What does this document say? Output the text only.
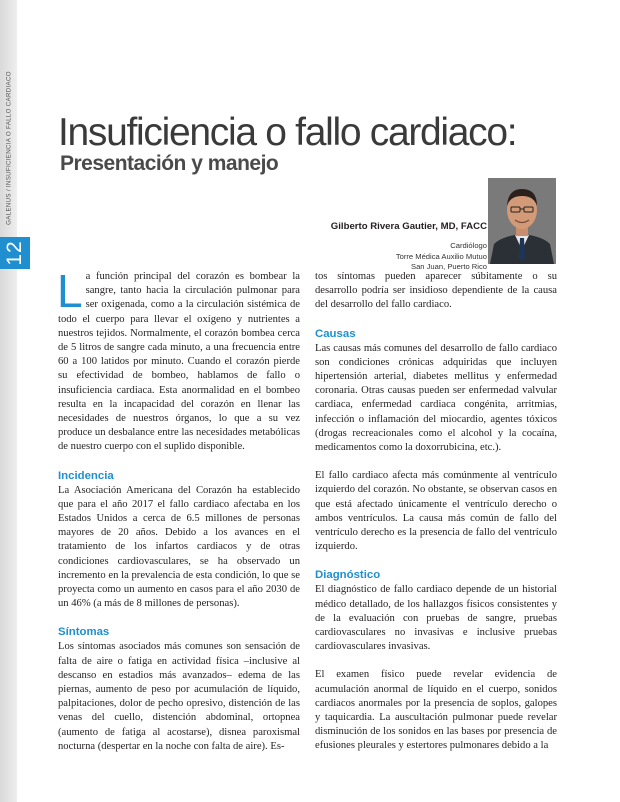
GALENUS / INSUFICIENCIA O FALLO CARDIACO
12
Insuficiencia o fallo cardiaco:
Presentación y manejo
Gilberto Rivera Gautier, MD, FACC
Cardiólogo
Torre Médica Auxilio Mutuo
San Juan, Puerto Rico

La función principal del corazón es bombear la sangre, tanto hacia la circulación pulmonar para ser oxigenada, como a la circulación sistémica de todo el cuerpo para llevar el oxígeno y nutrientes a nuestros tejidos. Normalmente, el corazón bombea cerca de 5 litros de sangre cada minuto, a una frecuencia entre 60 a 100 latidos por minuto. Cuando el corazón pierde su efectividad de bombeo, hablamos de fallo o insuficiencia cardiaca. Esta anormalidad en el bombeo resulta en la incapacidad del corazón en llenar las necesidades de nuestros órganos, lo que a su vez produce un desbalance entre las necesidades metabólicas de nuestro cuerpo con el suplido disponible.

Incidencia

La Asociación Americana del Corazón ha establecido que para el año 2017 el fallo cardiaco afectaba en los Estados Unidos a cerca de 6.5 millones de personas mayores de 20 años. Debido a los avances en el tratamiento de los infartos cardiacos y de otras condiciones cardiovasculares, se ha observado un incremento en la prevalencia de esta condición, lo que se proyecta como un aumento en casos para el año 2030 de un 46% (a más de 8 millones de personas).

Síntomas

Los síntomas asociados más comunes son sensación de falta de aire o fatiga en actividad física –inclusive al descanso en estadios más avanzados– edema de las piernas, aumento de peso por acumulación de líquido, palpitaciones, dolor de pecho opresivo, distención de las venas del cuello, distención abdominal, ortopnea (aumento de fatiga al acostarse), disnea paroxismal nocturna (despertar en la noche con falta de aire). Es-

tos síntomas pueden aparecer súbitamente o su desarrollo podría ser insidioso dependiente de la causa del desarrollo del fallo cardiaco.

Causas

Las causas más comunes del desarrollo de fallo cardiaco son condiciones crónicas adquiridas que incluyen hipertensión arterial, diabetes mellitus y enfermedad coronaria. Otras causas pueden ser enfermedad valvular cardiaca, enfermedad cardiaca congénita, arritmias, infección o inflamación del miocardio, agentes tóxicos (drogas recreacionales como el alcohol y la cocaína, medicamentos como la doxorrubicina, etc.).

El fallo cardiaco afecta más comúnmente al ventrículo izquierdo del corazón. No obstante, se observan casos en que está afectado únicamente el ventrículo derecho o ambos ventrículos. La causa más común de fallo del ventrículo derecho es la presencia de fallo del ventrículo izquierdo.

Diagnóstico

El diagnóstico de fallo cardiaco depende de un historial médico detallado, de los hallazgos físicos consistentes y de la evaluación con pruebas de sangre, pruebas cardiovasculares no invasivas e inclusive pruebas cardiovasculares invasivas.

El examen físico puede revelar evidencia de acumulación anormal de líquido en el cuerpo, sonidos cardiacos anormales por la presencia de soplos, galopes y taquicardia. La auscultación pulmonar puede revelar disminución de los sonidos en las bases por presencia de efusiones pleurales y estertores pulmonares debido a la
